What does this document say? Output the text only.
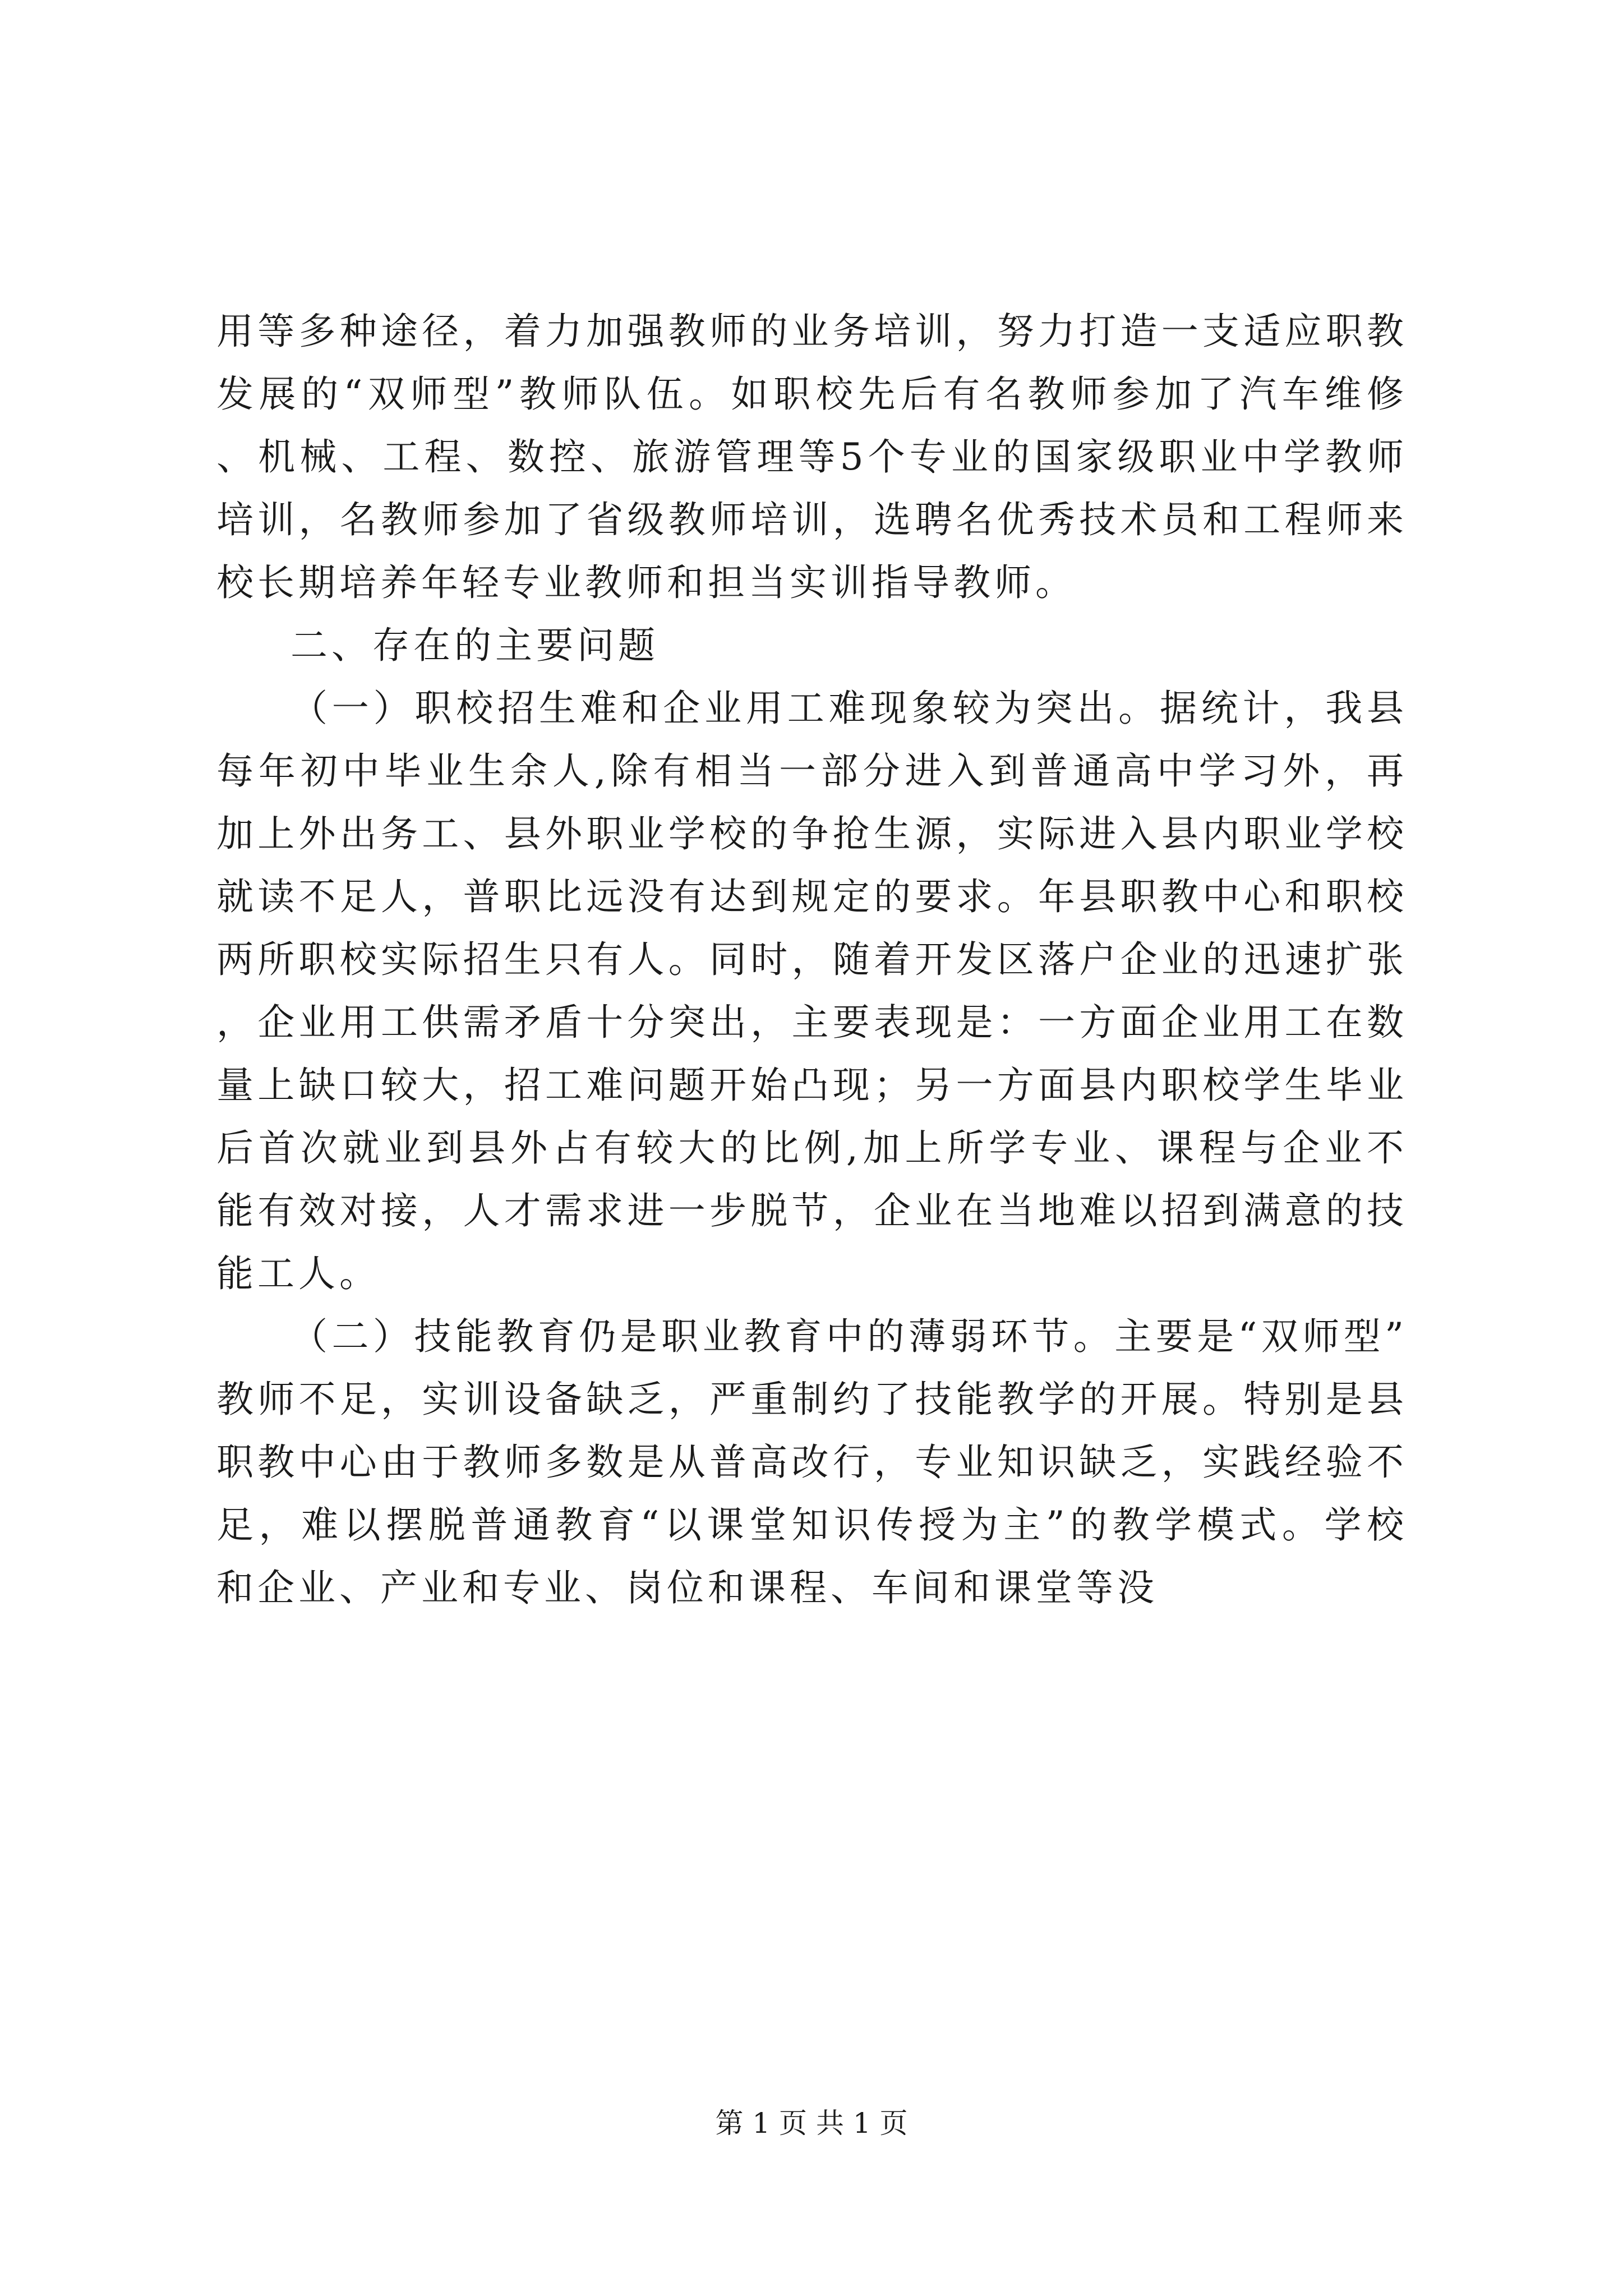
用等多种途径，着力加强教师的业务培训，努力打造一支适应职教发展的“双师型”教师队伍。如职校先后有名教师参加了汽车维修、机械、工程、数控、旅游管理等5个专业的国家级职业中学教师培训，名教师参加了省级教师培训，选聘名优秀技术员和工程师来校长期培养年轻专业教师和担当实训指导教师。

二、存在的主要问题

（一）职校招生难和企业用工难现象较为突出。据统计，我县每年初中毕业生余人,除有相当一部分进入到普通高中学习外，再加上外出务工、县外职业学校的争抢生源，实际进入县内职业学校就读不足人，普职比远没有达到规定的要求。年县职教中心和职校两所职校实际招生只有人。同时，随着开发区落户企业的迅速扩张，企业用工供需矛盾十分突出，主要表现是：一方面企业用工在数量上缺口较大，招工难问题开始凸现；另一方面县内职校学生毕业后首次就业到县外占有较大的比例,加上所学专业、课程与企业不能有效对接，人才需求进一步脱节，企业在当地难以招到满意的技能工人。

（二）技能教育仍是职业教育中的薄弱环节。主要是“双师型”教师不足，实训设备缺乏，严重制约了技能教学的开展。特别是县职教中心由于教师多数是从普高改行，专业知识缺乏，实践经验不足，难以摆脱普通教育“以课堂知识传授为主”的教学模式。学校和企业、产业和专业、岗位和课程、车间和课堂等没

第 1 页 共 1 页
